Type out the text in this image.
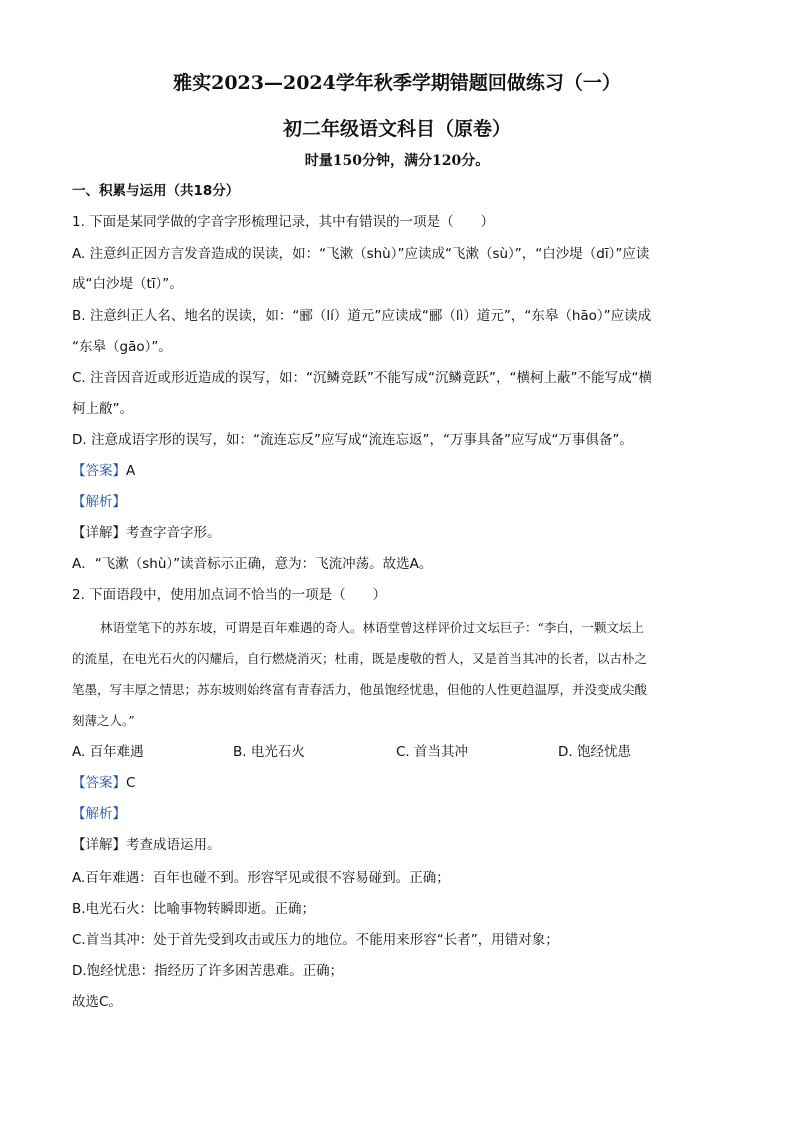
雅实2023—2024学年秋季学期错题回做练习（一）
初二年级语文科目（原卷）
时量150分钟，满分120分。
一、积累与运用（共18分）
1. 下面是某同学做的字音字形梳理记录，其中有错误的一项是（　　）
A. 注意纠正因方言发音造成的误读，如：“飞漱（shù）”应读成“飞漱（sù）”，“白沙堤（dī）”应读
成“白沙堤（tī）”。
B. 注意纠正人名、地名的误读，如：“郦（lí）道元”应读成“郦（lì）道元”，“东皋（hāo）”应读成
“东皋（gāo）”。
C. 注音因音近或形近造成的误写，如：“沉鳞竞跃”不能写成“沉鳞竟跃”，“横柯上蔽”不能写成“横
柯上敝”。
D. 注意成语字形的误写，如：“流连忘反”应写成“流连忘返”，“万事具备”应写成“万事俱备”。
【答案】A
【解析】
【详解】考查字音字形。
A．“飞漱（shù）”读音标示正确，意为：飞流冲荡。故选A。
2. 下面语段中，使用加点词不恰当的一项是（　　）
林语堂笔下的苏东坡，可谓是百年难遇的奇人。林语堂曾这样评价过文坛巨子：“李白，一颗文坛上
的流星，在电光石火的闪耀后，自行燃烧消灭；杜甫，既是虔敬的哲人，又是首当其冲的长者，以古朴之
笔墨，写丰厚之情思；苏东坡则始终富有青春活力，他虽饱经忧患，但他的人性更趋温厚，并没变成尖酸
刻薄之人。”
A. 百年难遇	B. 电光石火	C. 首当其冲	D. 饱经忧患
【答案】C
【解析】
【详解】考查成语运用。
A.百年难遇：百年也碰不到。形容罕见或很不容易碰到。正确；
B.电光石火：比喻事物转瞬即逝。正确；
C.首当其冲：处于首先受到攻击或压力的地位。不能用来形容“长者”，用错对象；
D.饱经忧患：指经历了许多困苦患难。正确；
故选C。
